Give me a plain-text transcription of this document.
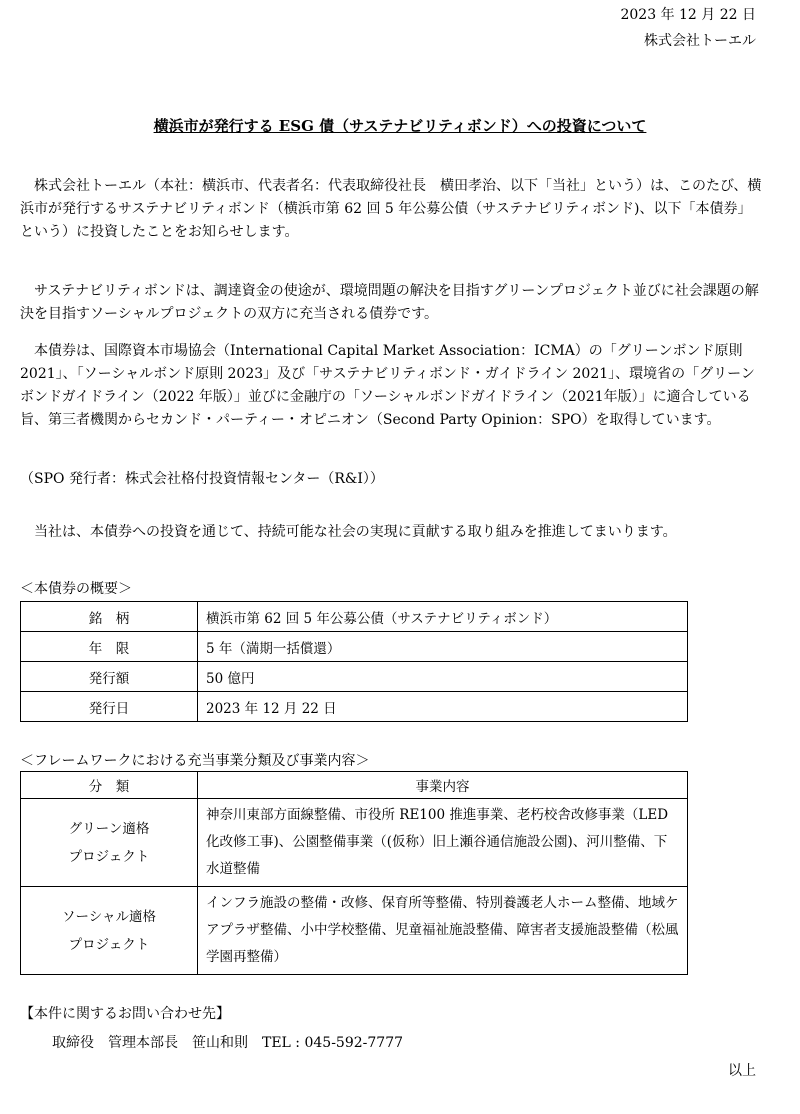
2023 年 12 月 22 日
株式会社トーエル
横浜市が発行する ESG 債（サステナビリティボンド）への投資について
株式会社トーエル（本社：横浜市、代表者名：代表取締役社長　横田孝治、以下「当社」という）は、このたび、横浜市が発行するサステナビリティボンド（横浜市第 62 回 5 年公募公債（サステナビリティボンド)、以下「本債券」という）に投資したことをお知らせします。
サステナビリティボンドは、調達資金の使途が、環境問題の解決を目指すグリーンプロジェクト並びに社会課題の解決を目指すソーシャルプロジェクトの双方に充当される債券です。
本債券は、国際資本市場協会（International Capital Market Association：ICMA）の「グリーンボンド原則 2021」、「ソーシャルボンド原則 2023」及び「サステナビリティボンド・ガイドライン 2021」、環境省の「グリーンボンドガイドライン（2022 年版）」並びに金融庁の「ソーシャルボンドガイドライン（2021年版）」に適合している旨、第三者機関からセカンド・パーティー・オピニオン（Second Party Opinion：SPO）を取得しています。
（SPO 発行者：株式会社格付投資情報センター（R&I））
当社は、本債券への投資を通じて、持続可能な社会の実現に貢献する取り組みを推進してまいります。
＜本債券の概要＞
銘　柄	横浜市第 62 回 5 年公募公債（サステナビリティボンド）
年　限	5 年（満期一括償還）
発行額	50 億円
発行日	2023 年 12 月 22 日
＜フレームワークにおける充当事業分類及び事業内容＞
分　類	事業内容

グリーン適格
プロジェクト	神奈川東部方面線整備、市役所 RE100 推進事業、老朽校舎改修事業（LED 化改修工事)、公園整備事業（(仮称）旧上瀬谷通信施設公園)、河川整備、下水道整備

ソーシャル適格
プロジェクト	インフラ施設の整備・改修、保育所等整備、特別養護老人ホーム整備、地域ケアプラザ整備、小中学校整備、児童福祉施設整備、障害者支援施設整備（松風学園再整備）
【本件に関するお問い合わせ先】
取締役　管理本部長　笹山和則　TEL : 045-592-7777
以上
